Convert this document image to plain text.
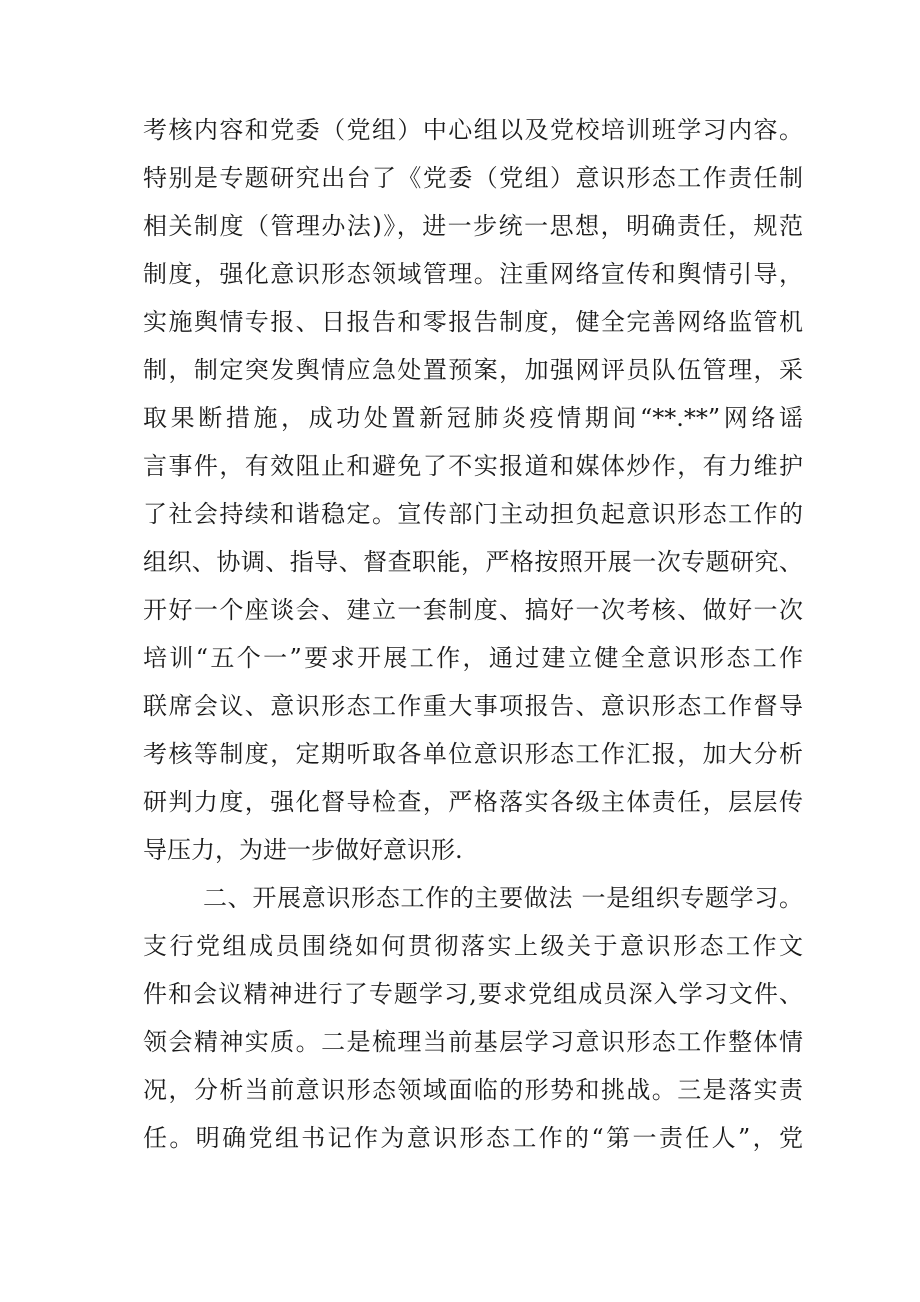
考核内容和党委（党组）中心组以及党校培训班学习内容。
特别是专题研究出台了《党委（党组）意识形态工作责任制
相关制度（管理办法)》，进一步统一思想，明确责任，规范
制度，强化意识形态领域管理。注重网络宣传和舆情引导，
实施舆情专报、日报告和零报告制度，健全完善网络监管机
制，制定突发舆情应急处置预案，加强网评员队伍管理，采
取果断措施，成功处置新冠肺炎疫情期间“**.**”网络谣
言事件，有效阻止和避免了不实报道和媒体炒作，有力维护
了社会持续和谐稳定。宣传部门主动担负起意识形态工作的
组织、协调、指导、督查职能，严格按照开展一次专题研究、
开好一个座谈会、建立一套制度、搞好一次考核、做好一次
培训“五个一”要求开展工作，通过建立健全意识形态工作
联席会议、意识形态工作重大事项报告、意识形态工作督导
考核等制度，定期听取各单位意识形态工作汇报，加大分析
研判力度，强化督导检查，严格落实各级主体责任，层层传
导压力，为进一步做好意识形.
二、开展意识形态工作的主要做法 一是组织专题学习。
支行党组成员围绕如何贯彻落实上级关于意识形态工作文
件和会议精神进行了专题学习,要求党组成员深入学习文件、
领会精神实质。二是梳理当前基层学习意识形态工作整体情
况，分析当前意识形态领域面临的形势和挑战。三是落实责
任。明确党组书记作为意识形态工作的“第一责任人”，党
